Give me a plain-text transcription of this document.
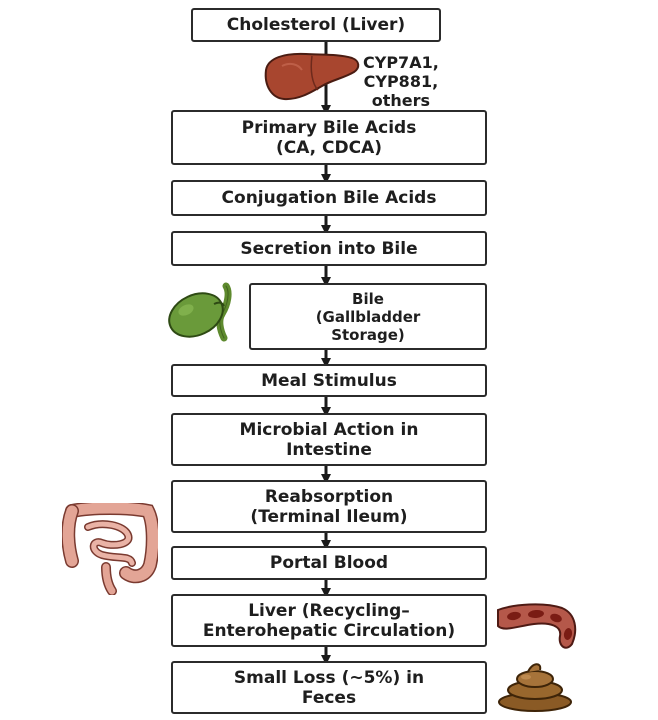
Cholesterol (Liver)
Primary Bile Acids
(CA, CDCA)
Conjugation Bile Acids
Secretion into Bile
Bile
(Gallbladder
Storage)
Meal Stimulus
Microbial Action in
Intestine
Reabsorption
(Terminal Ileum)
Portal Blood
Liver (Recycling–
Enterohepatic Circulation)
Small Loss (~5%) in
Feces
CYP7A1,
CYP881,
others
